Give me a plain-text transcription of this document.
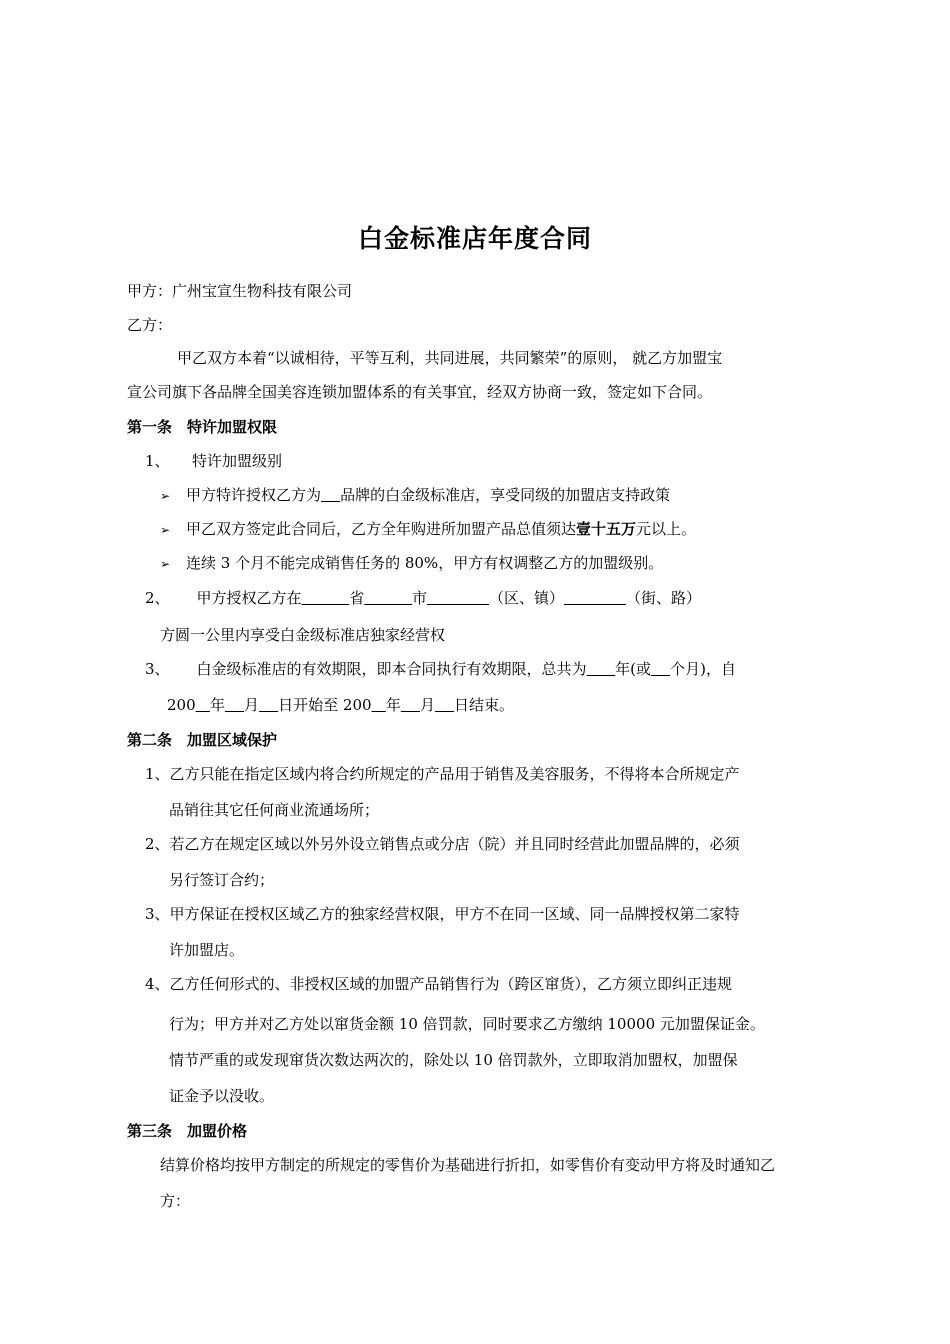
白金标准店年度合同
甲方：广州宝宣生物科技有限公司
乙方：
甲乙双方本着“以诚相待，平等互利，共同进展，共同繁荣”的原则， 就乙方加盟宝
宣公司旗下各品牌全国美容连锁加盟体系的有关事宜，经双方协商一致，签定如下合同。
第一条　特许加盟权限
1、　　特许加盟级别
➢ 甲方特许授权乙方为 品牌的白金级标准店，享受同级的加盟店支持政策
➢ 甲乙双方签定此合同后，乙方全年购进所加盟产品总值须达壹十五万元以上。
➢ 连续 3 个月不能完成销售任务的 80%，甲方有权调整乙方的加盟级别。
2、 甲方授权乙方在	省	市	（区、镇）	（街、路）
方圆一公里内享受白金级标准店独家经营权
3、 白金级标准店的有效期限，即本合同执行有效期限，总共为 年(或 个月)，自
200 年 月 日开始至 200 年 月 日结束。
第二条　加盟区域保护
1、乙方只能在指定区域内将合约所规定的产品用于销售及美容服务，不得将本合所规定产
品销往其它任何商业流通场所；
2、若乙方在规定区域以外另外设立销售点或分店（院）并且同时经营此加盟品牌的，必须
另行签订合约；
3、甲方保证在授权区域乙方的独家经营权限，甲方不在同一区域、同一品牌授权第二家特
许加盟店。
4、乙方任何形式的、非授权区域的加盟产品销售行为（跨区窜货），乙方须立即纠正违规
行为；甲方并对乙方处以窜货金额 10 倍罚款，同时要求乙方缴纳 10000 元加盟保证金。
情节严重的或发现窜货次数达两次的，除处以 10 倍罚款外，立即取消加盟权，加盟保
证金予以没收。
第三条　加盟价格
结算价格均按甲方制定的所规定的零售价为基础进行折扣，如零售价有变动甲方将及时通知乙
方：
